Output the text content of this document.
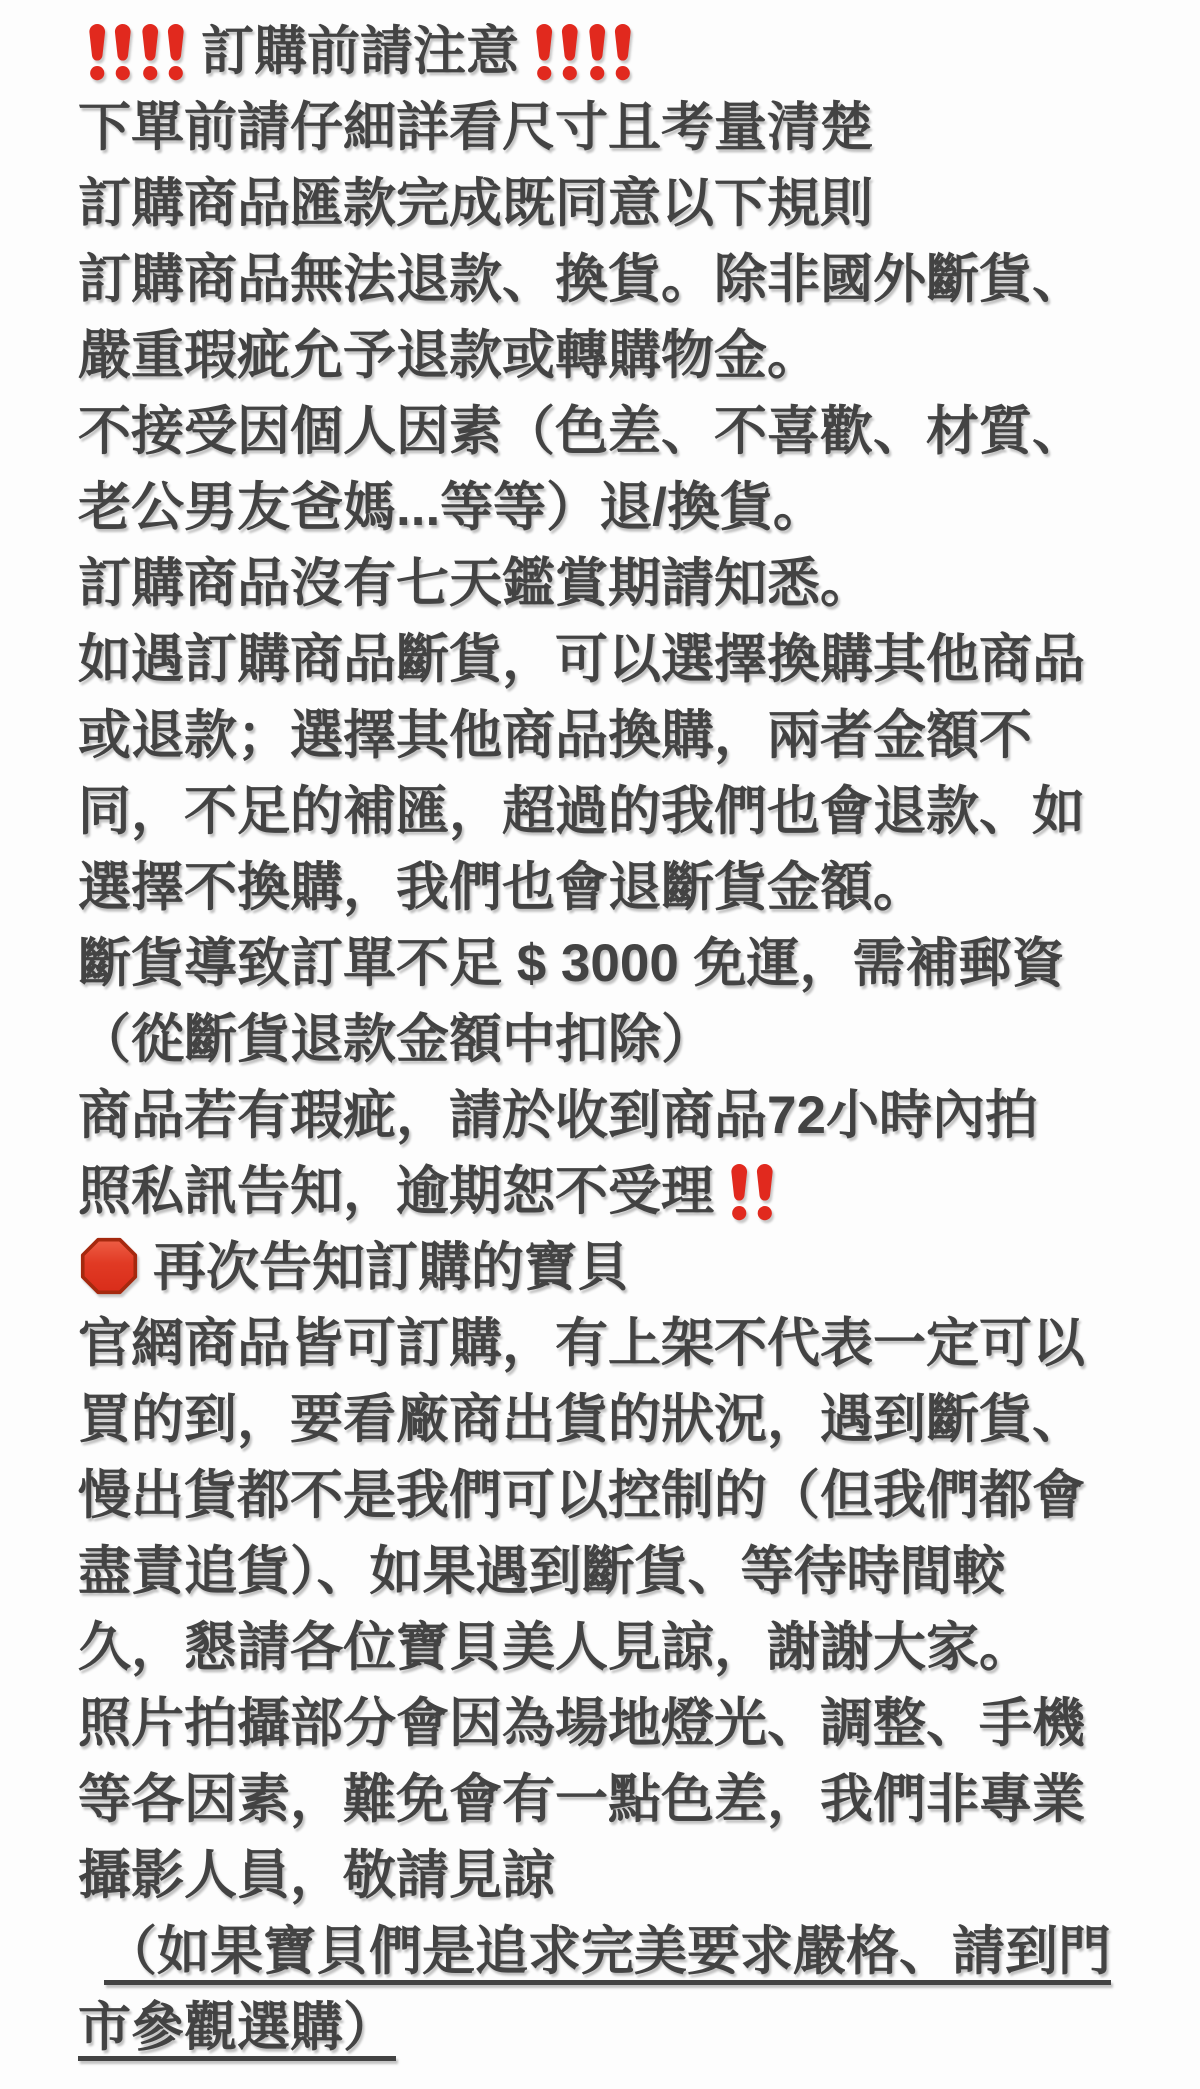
訂購前請注意
下單前請仔細詳看尺寸且考量清楚
訂購商品匯款完成既同意以下規則
訂購商品無法退款、換貨。除非國外斷貨、
嚴重瑕疵允予退款或轉購物金。
不接受因個人因素（色差、不喜歡、材質、
老公男友爸媽...等等）退/換貨。
訂購商品沒有七天鑑賞期請知悉。
如遇訂購商品斷貨，可以選擇換購其他商品
或退款；選擇其他商品換購，兩者金額不
同，不足的補匯，超過的我們也會退款、如
選擇不換購，我們也會退斷貨金額。
斷貨導致訂單不足 $ 3000 免運，需補郵資
（從斷貨退款金額中扣除）
商品若有瑕疵，請於收到商品72小時內拍
照私訊告知，逾期恕不受理
再次告知訂購的寶貝
官網商品皆可訂購，有上架不代表一定可以
買的到，要看廠商出貨的狀況，遇到斷貨、
慢出貨都不是我們可以控制的（但我們都會
盡責追貨）、如果遇到斷貨、等待時間較
久，懇請各位寶貝美人見諒，謝謝大家。
照片拍攝部分會因為場地燈光、調整、手機
等各因素，難免會有一點色差，我們非專業
攝影人員，敬請見諒
（如果寶貝們是追求完美要求嚴格、請到門
市參觀選購）
